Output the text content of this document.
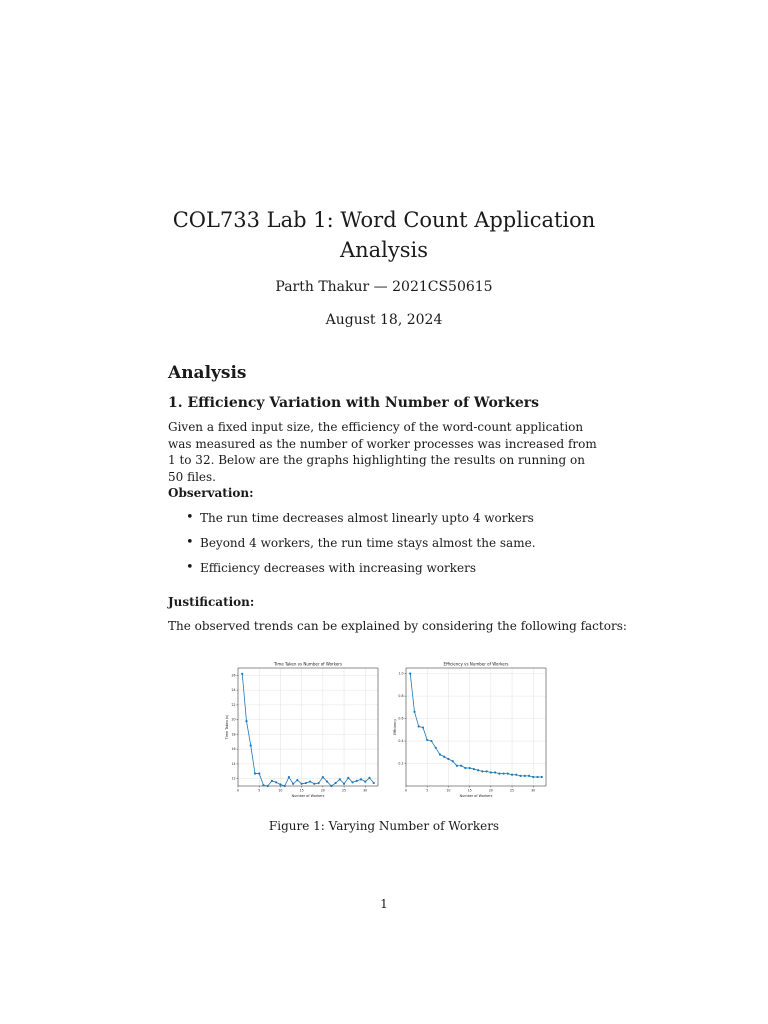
COL733 Lab 1: Word Count Application
Analysis
Parth Thakur — 2021CS50615
August 18, 2024
Analysis
1. Efficiency Variation with Number of Workers
Given a fixed input size, the efficiency of the word-count application was measured as the number of worker processes was increased from 1 to 32. Below are the graphs highlighting the results on running on 50 files.
Observation:
• The run time decreases almost linearly upto 4 workers
• Beyond 4 workers, the run time stays almost the same.
• Efficiency decreases with increasing workers
Justification:
The observed trends can be explained by considering the following factors:
0	5	10	15	20	25	30
12
14
16
18
20
22
24
26
Time Taken vs Number of Workers
Number of Workers
Time Taken (s)
0	5	10	15	20	25	30
0.2
0.4
0.6
0.8
1.0
Efficiency vs Number of Workers
Number of Workers
Efficiency
Figure 1: Varying Number of Workers
1
